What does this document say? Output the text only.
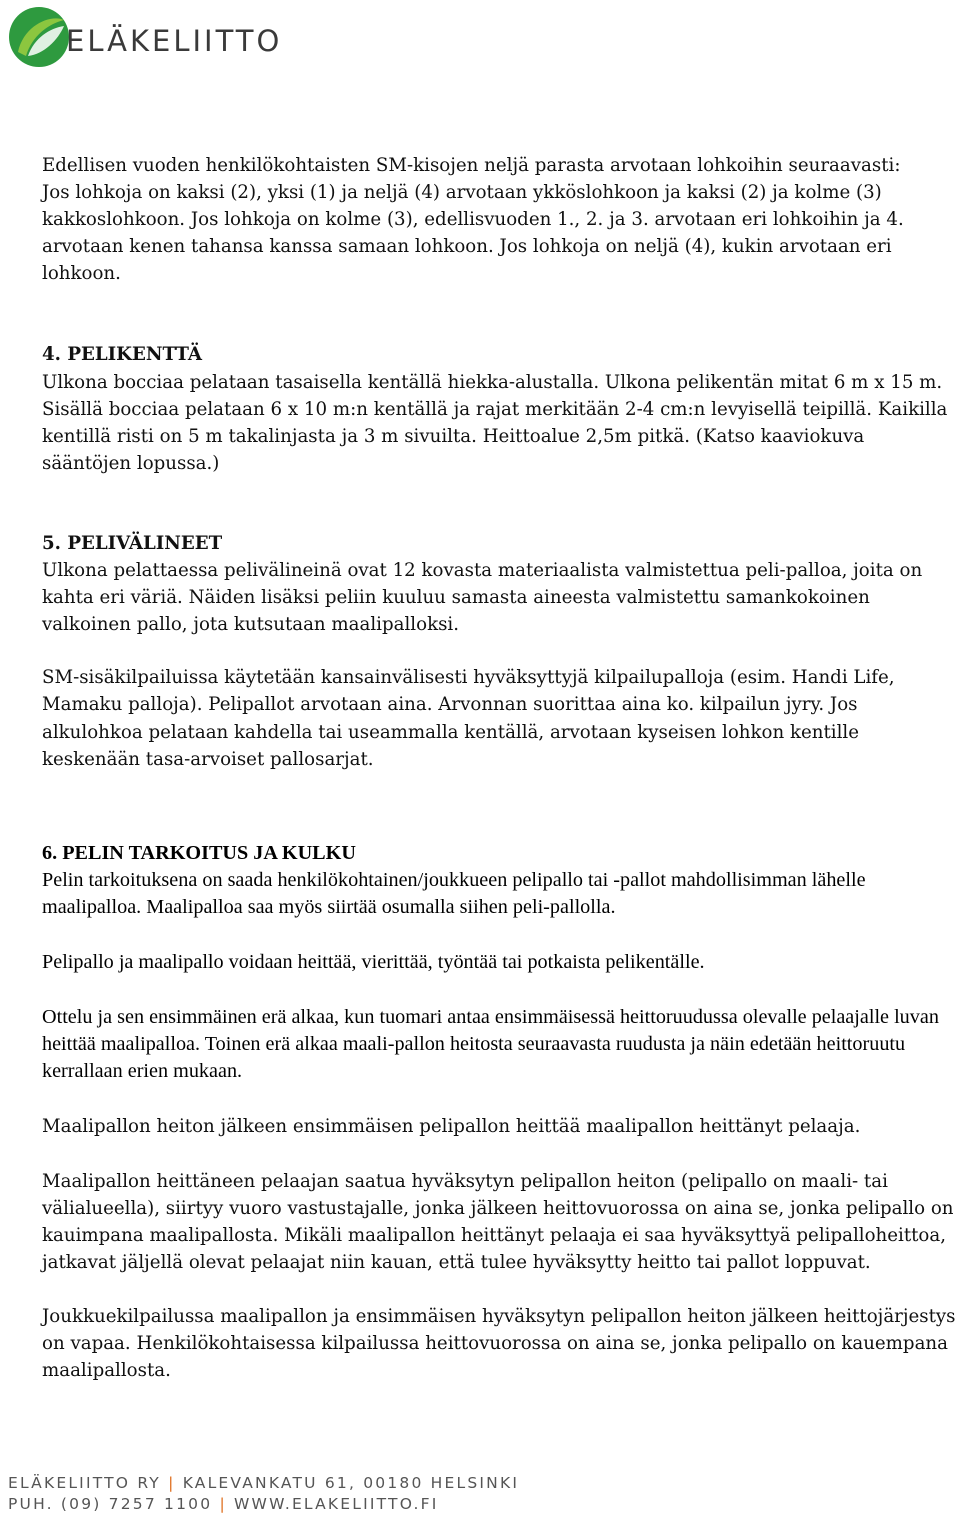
ELÄKELIITTO

Edellisen vuoden henkilökohtaisten SM-kisojen neljä parasta arvotaan lohkoihin seuraavasti: Jos lohkoja on kaksi (2), yksi (1) ja neljä (4) arvotaan ykköslohkoon ja kaksi (2) ja kolme (3) kakkoslohkoon. Jos lohkoja on kolme (3), edellisvuoden 1., 2. ja 3. arvotaan eri lohkoihin ja 4. arvotaan kenen tahansa kanssa samaan lohkoon. Jos lohkoja on neljä (4), kukin arvotaan eri lohkoon.

4. PELIKENTTÄ

Ulkona bocciaa pelataan tasaisella kentällä hiekka-alustalla. Ulkona pelikentän mitat 6 m x 15 m. Sisällä bocciaa pelataan 6 x 10 m:n kentällä ja rajat merkitään 2-4 cm:n levyisellä teipillä. Kaikilla kentillä risti on 5 m takalinjasta ja 3 m sivuilta. Heittoalue 2,5m pitkä. (Katso kaaviokuva sääntöjen lopussa.)

5. PELIVÄLINEET

Ulkona pelattaessa pelivälineinä ovat 12 kovasta materiaalista valmistettua peli-palloa, joita on kahta eri väriä. Näiden lisäksi peliin kuuluu samasta aineesta valmistettu samankokoinen valkoinen pallo, jota kutsutaan maalipalloksi.

SM-sisäkilpailuissa käytetään kansainvälisesti hyväksyttyjä kilpailupalloja (esim. Handi Life, Mamaku palloja). Pelipallot arvotaan aina. Arvonnan suorittaa aina ko. kilpailun jyry. Jos alkulohkoa pelataan kahdella tai useammalla kentällä, arvotaan kyseisen lohkon kentille keskenään tasa-arvoiset pallosarjat.

6. PELIN TARKOITUS JA KULKU

Pelin tarkoituksena on saada henkilökohtainen/joukkueen pelipallo tai -pallot mahdollisimman lähelle maalipalloa. Maalipalloa saa myös siirtää osumalla siihen peli-pallolla.

Pelipallo ja maalipallo voidaan heittää, vierittää, työntää tai potkaista pelikentälle.

Ottelu ja sen ensimmäinen erä alkaa, kun tuomari antaa ensimmäisessä heittoruudussa olevalle pelaajalle luvan heittää maalipalloa. Toinen erä alkaa maali-pallon heitosta seuraavasta ruudusta ja näin edetään heittoruutu kerrallaan erien mukaan.

Maalipallon heiton jälkeen ensimmäisen pelipallon heittää maalipallon heittänyt pelaaja.

Maalipallon heittäneen pelaajan saatua hyväksytyn pelipallon heiton (pelipallo on maali- tai välialueella), siirtyy vuoro vastustajalle, jonka jälkeen heittovuorossa on aina se, jonka pelipallo on kauimpana maalipallosta. Mikäli maalipallon heittänyt pelaaja ei saa hyväksyttyä pelipalloheittoa, jatkavat jäljellä olevat pelaajat niin kauan, että tulee hyväksytty heitto tai pallot loppuvat.

Joukkuekilpailussa maalipallon ja ensimmäisen hyväksytyn pelipallon heiton jälkeen heittojärjestys on vapaa. Henkilökohtaisessa kilpailussa heittovuorossa on aina se, jonka pelipallo on kauempana maalipallosta.

ELÄKELIITTO RY | KALEVANKATU 61, 00180 HELSINKI
PUH. (09) 7257 1100 | WWW.ELAKELIITTO.FI
